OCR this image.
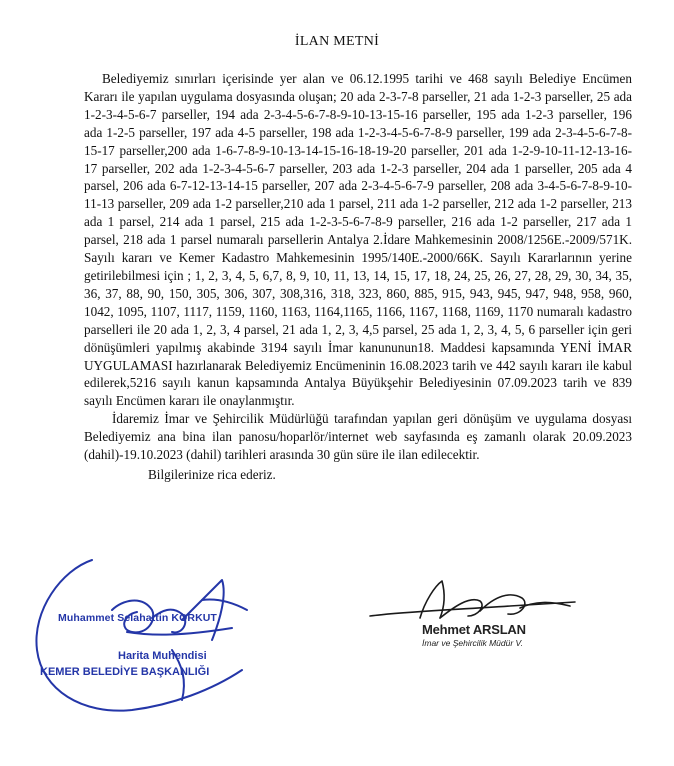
İLAN METNİ

Belediyemiz sınırları içerisinde yer alan ve 06.12.1995 tarihi ve 468 sayılı Belediye Encümen Kararı ile yapılan uygulama dosyasında oluşan; 20 ada 2-3-7-8 parseller, 21 ada 1-2-3 parseller, 25 ada 1-2-3-4-5-6-7 parseller, 194 ada 2-3-4-5-6-7-8-9-10-13-15-16 parseller, 195 ada 1-2-3 parseller, 196 ada 1-2-5 parseller, 197 ada 4-5 parseller, 198 ada 1-2-3-4-5-6-7-8-9 parseller, 199 ada 2-3-4-5-6-7-8-15-17 parseller,200 ada 1-6-7-8-9-10-13-14-15-16-18-19-20 parseller, 201 ada 1-2-9-10-11-12-13-16-17 parseller, 202 ada 1-2-3-4-5-6-7 parseller, 203 ada 1-2-3 parseller, 204 ada 1 parseller, 205 ada 4 parsel, 206 ada 6-7-12-13-14-15 parseller, 207 ada 2-3-4-5-6-7-9 parseller, 208 ada 3-4-5-6-7-8-9-10-11-13 parseller, 209 ada 1-2 parseller,210 ada 1 parsel, 211 ada 1-2 parseller, 212 ada 1-2 parseller, 213 ada 1 parsel, 214 ada 1 parsel, 215 ada 1-2-3-5-6-7-8-9 parseller, 216 ada 1-2 parseller, 217 ada 1 parsel, 218 ada 1 parsel numaralı parsellerin Antalya 2.İdare Mahkemesinin 2008/1256E.-2009/571K. Sayılı kararı ve Kemer Kadastro Mahkemesinin 1995/140E.-2000/66K. Sayılı Kararlarının yerine getirilebilmesi için ; 1, 2, 3, 4, 5, 6,7, 8, 9, 10, 11, 13, 14, 15, 17, 18, 24, 25, 26, 27, 28, 29, 30, 34, 35, 36, 37, 88, 90, 150, 305, 306, 307, 308,316, 318, 323, 860, 885, 915, 943, 945, 947, 948, 958, 960, 1042, 1095, 1107, 1117, 1159, 1160, 1163, 1164,1165, 1166, 1167, 1168, 1169, 1170 numaralı kadastro parselleri ile 20 ada 1, 2, 3, 4 parsel, 21 ada 1, 2, 3, 4,5 parsel, 25 ada 1, 2, 3, 4, 5, 6 parseller için geri dönüşümleri yapılmış akabinde 3194 sayılı İmar kanununun18. Maddesi kapsamında YENİ İMAR UYGULAMASI hazırlanarak Belediyemiz Encümeninin 16.08.2023 tarih ve 442 sayılı kararı ile kabul edilerek,5216 sayılı kanun kapsamında Antalya Büyükşehir Belediyesinin 07.09.2023 tarih ve 839 sayılı Encümen kararı ile onaylanmıştır.

İdaremiz İmar ve Şehircilik Müdürlüğü tarafından yapılan geri dönüşüm ve uygulama dosyası Belediyemiz ana bina ilan panosu/hoparlör/internet web sayfasında eş zamanlı olarak 20.09.2023 (dahil)-19.10.2023 (dahil) tarihleri arasında 30 gün süre ile ilan edilecektir.

Bilgilerinize rica ederiz.

Muhammet Selahattin KORKUT
Harita Muhendisi
KEMER BELEDİYE BAŞKANLIĞI
Mehmet ARSLAN
İmar ve Şehircilik Müdür V.
